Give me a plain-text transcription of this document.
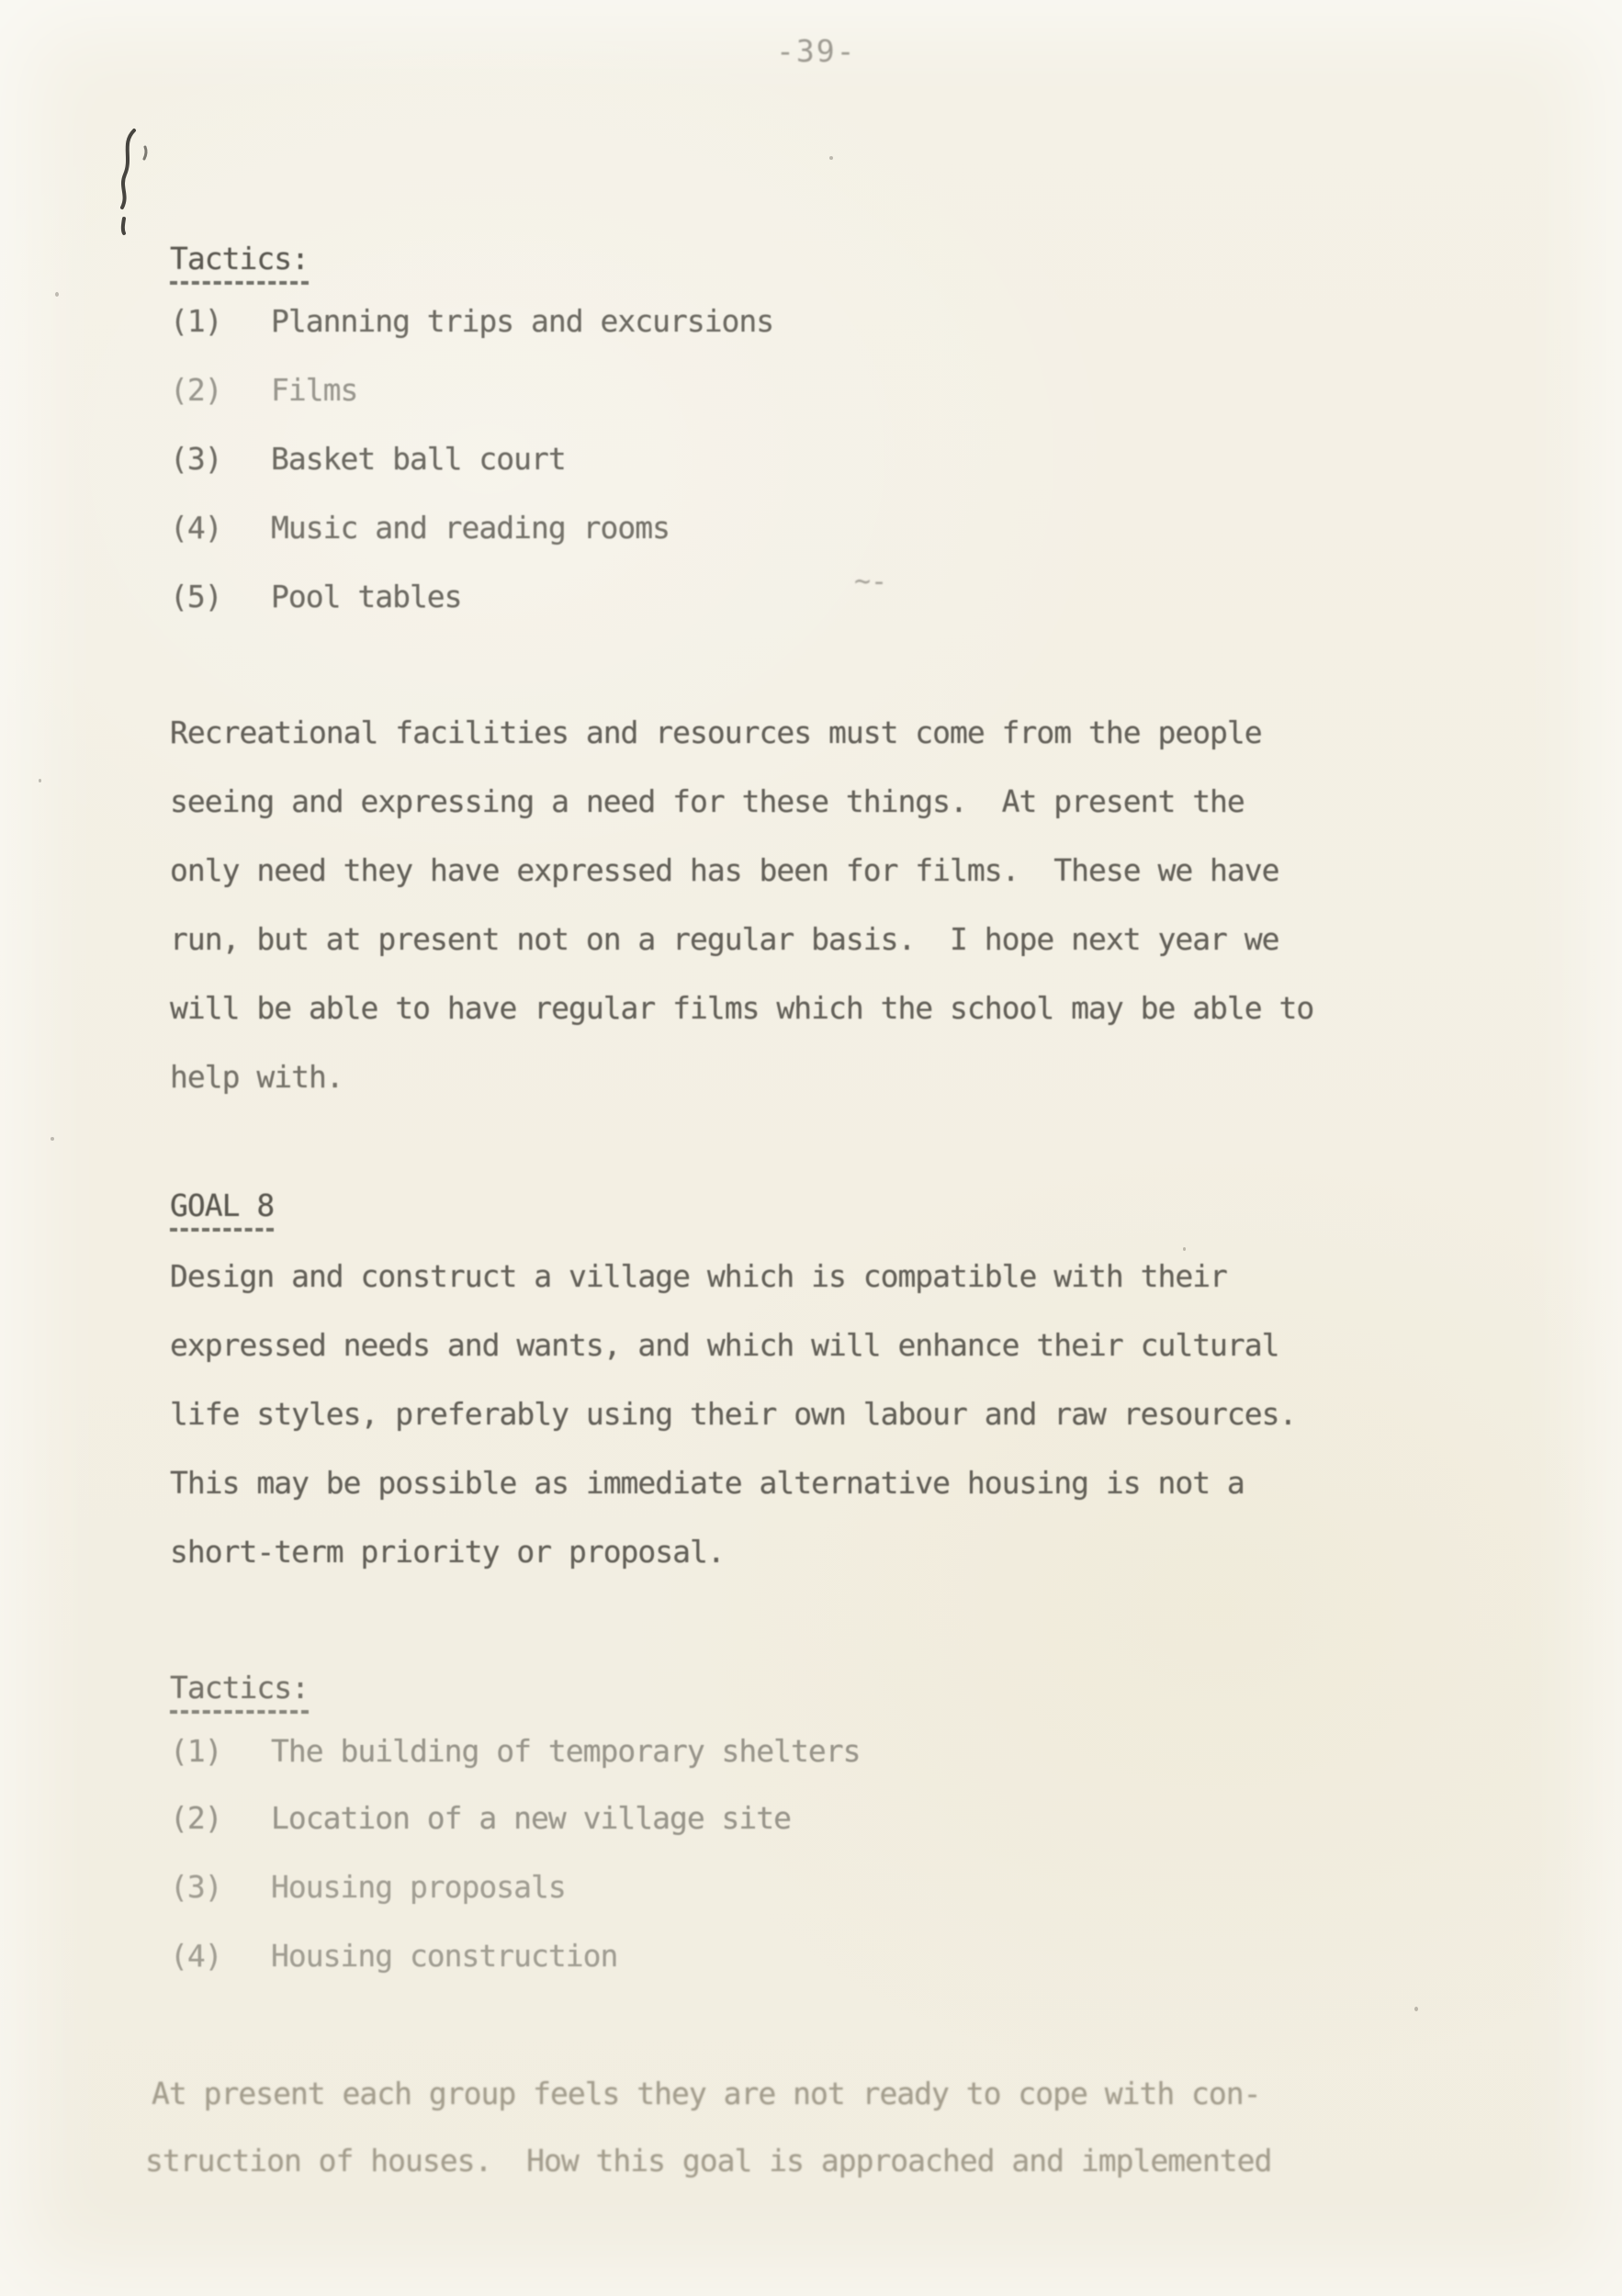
-39-
Tactics:
(1) Planning trips and excursions
(2) Films
(3) Basket ball court
(4) Music and reading rooms
(5) Pool tables	~-
Recreational facilities and resources must come from the people
seeing and expressing a need for these things.  At present the
only need they have expressed has been for films.  These we have
run, but at present not on a regular basis.  I hope next year we
will be able to have regular films which the school may be able to
help with.
GOAL 8
Design and construct a village which is compatible with their
expressed needs and wants, and which will enhance their cultural
life styles, preferably using their own labour and raw resources.
This may be possible as immediate alternative housing is not a
short-term priority or proposal.
Tactics:
(1) The building of temporary shelters
(2) Location of a new village site
(3) Housing proposals
(4) Housing construction
At present each group feels they are not ready to cope with con-
struction of houses.  How this goal is approached and implemented
